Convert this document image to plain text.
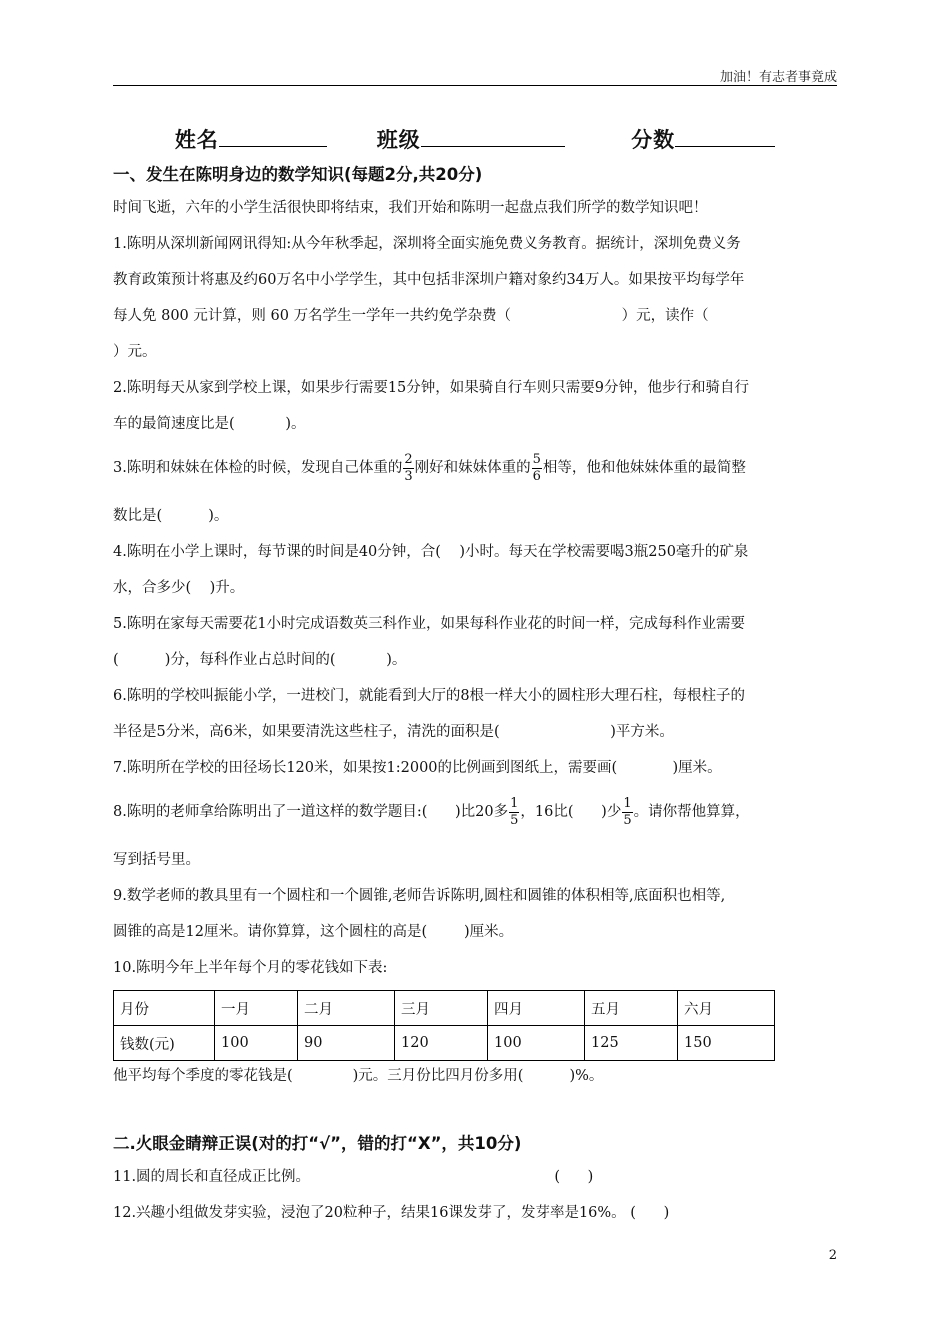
加油！有志者事竟成
姓名	班级	分数

一、发生在陈明身边的数学知识(每题2分,共20分)

时间飞逝，六年的小学生活很快即将结束，我们开始和陈明一起盘点我们所学的数学知识吧！

1.陈明从深圳新闻网讯得知:从今年秋季起，深圳将全面实施免费义务教育。据统计，深圳免费义务

教育政策预计将惠及约60万名中小学学生，其中包括非深圳户籍对象约34万人。如果按平均每学年

每人免 800 元计算，则 60 万名学生一学年一共约免学杂费（                        ）元，读作（

）元。

2.陈明每天从家到学校上课，如果步行需要15分钟，如果骑自行车则只需要9分钟，他步行和骑自行

车的最简速度比是(           )。

3.陈明和妹妹在体检的时候，发现自己体重的 $\frac{2}{3}$ 刚好和妹妹体重的 $\frac{5}{6}$ 相等，他和他妹妹体重的最简整

数比是(          )。

4.陈明在小学上课时，每节课的时间是40分钟，合(    )小时。每天在学校需要喝3瓶250毫升的矿泉

水，合多少(    )升。

5.陈明在家每天需要花1小时完成语数英三科作业，如果每科作业花的时间一样，完成每科作业需要

(          )分，每科作业占总时间的(           )。

6.陈明的学校叫振能小学，一进校门，就能看到大厅的8根一样大小的圆柱形大理石柱，每根柱子的

半径是5分米，高6米，如果要清洗这些柱子，清洗的面积是(                        )平方米。

7.陈明所在学校的田径场长120米，如果按1:2000的比例画到图纸上，需要画(            )厘米。

8.陈明的老师拿给陈明出了一道这样的数学题目:(      )比20多 $\frac{1}{5}$ ，16比(      )少 $\frac{1}{5}$ 。请你帮他算算，

写到括号里。

9.数学老师的教具里有一个圆柱和一个圆锥,老师告诉陈明,圆柱和圆锥的体积相等,底面积也相等,

圆锥的高是12厘米。请你算算，这个圆柱的高是(        )厘米。

10.陈明今年上半年每个月的零花钱如下表:

月份	一月	二月	三月	四月	五月	六月
钱数(元)	100	90	120	100	125	150

他平均每个季度的零花钱是(             )元。三月份比四月份多用(          )%。

二.火眼金睛辩正误(对的打“√”，错的打“X”，共10分)

11.圆的周长和直径成正比例。                                                     (      )

12.兴趣小组做发芽实验，浸泡了20粒种子，结果16课发芽了，发芽率是16%。 (      )

2
